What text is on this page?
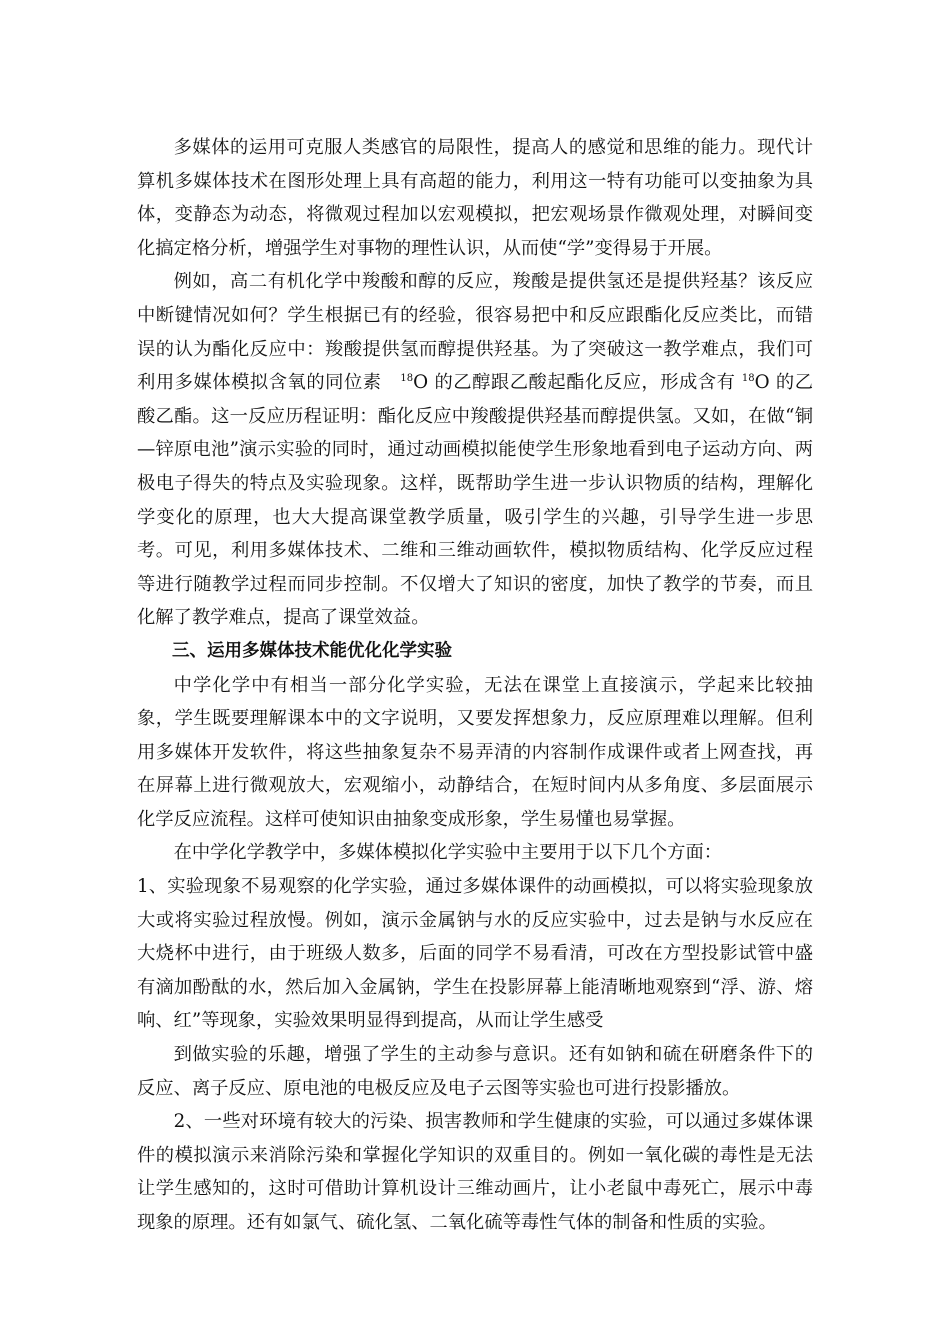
多媒体的运用可克服人类感官的局限性，提高人的感觉和思维的能力。现代计算机多媒体技术在图形处理上具有高超的能力，利用这一特有功能可以变抽象为具体，变静态为动态，将微观过程加以宏观模拟，把宏观场景作微观处理，对瞬间变化搞定格分析，增强学生对事物的理性认识，从而使“学”变得易于开展。

例如，高二有机化学中羧酸和醇的反应，羧酸是提供氢还是提供羟基？该反应中断键情况如何？学生根据已有的经验，很容易把中和反应跟酯化反应类比，而错误的认为酯化反应中：羧酸提供氢而醇提供羟基。为了突破这一教学难点，我们可利用多媒体模拟含氧的同位素　$^{18}$O 的乙醇跟乙酸起酯化反应，形成含有 $^{18}$O 的乙酸乙酯。这一反应历程证明：酯化反应中羧酸提供羟基而醇提供氢。又如，在做“铜—锌原电池”演示实验的同时，通过动画模拟能使学生形象地看到电子运动方向、两极电子得失的特点及实验现象。这样，既帮助学生进一步认识物质的结构，理解化学变化的原理，也大大提高课堂教学质量，吸引学生的兴趣，引导学生进一步思考。可见，利用多媒体技术、二维和三维动画软件，模拟物质结构、化学反应过程等进行随教学过程而同步控制。不仅增大了知识的密度，加快了教学的节奏，而且化解了教学难点，提高了课堂效益。

三、运用多媒体技术能优化化学实验

中学化学中有相当一部分化学实验，无法在课堂上直接演示，学起来比较抽象，学生既要理解课本中的文字说明，又要发挥想象力，反应原理难以理解。但利用多媒体开发软件，将这些抽象复杂不易弄清的内容制作成课件或者上网查找，再在屏幕上进行微观放大，宏观缩小，动静结合，在短时间内从多角度、多层面展示化学反应流程。这样可使知识由抽象变成形象，学生易懂也易掌握。

在中学化学教学中，多媒体模拟化学实验中主要用于以下几个方面：

1、实验现象不易观察的化学实验，通过多媒体课件的动画模拟，可以将实验现象放大或将实验过程放慢。例如，演示金属钠与水的反应实验中，过去是钠与水反应在大烧杯中进行，由于班级人数多，后面的同学不易看清，可改在方型投影试管中盛有滴加酚酞的水，然后加入金属钠，学生在投影屏幕上能清晰地观察到“浮、游、熔响、红”等现象，实验效果明显得到提高，从而让学生感受

到做实验的乐趣，增强了学生的主动参与意识。还有如钠和硫在研磨条件下的反应、离子反应、原电池的电极反应及电子云图等实验也可进行投影播放。

2、一些对环境有较大的污染、损害教师和学生健康的实验，可以通过多媒体课件的模拟演示来消除污染和掌握化学知识的双重目的。例如一氧化碳的毒性是无法让学生感知的，这时可借助计算机设计三维动画片，让小老鼠中毒死亡，展示中毒现象的原理。还有如氯气、硫化氢、二氧化硫等毒性气体的制备和性质的实验。
